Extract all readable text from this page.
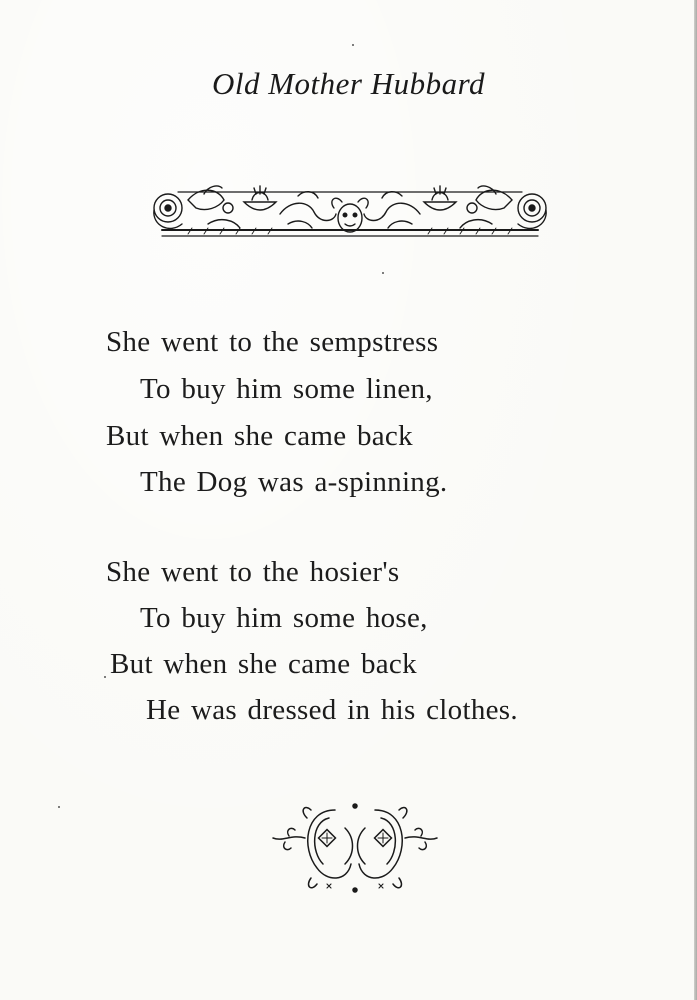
Old Mother Hubbard
She went to the sempstress
To buy him some linen,
But when she came back
The Dog was a-spinning.
She went to the hosier's
To buy him some hose,
But when she came back
He was dressed in his clothes.
